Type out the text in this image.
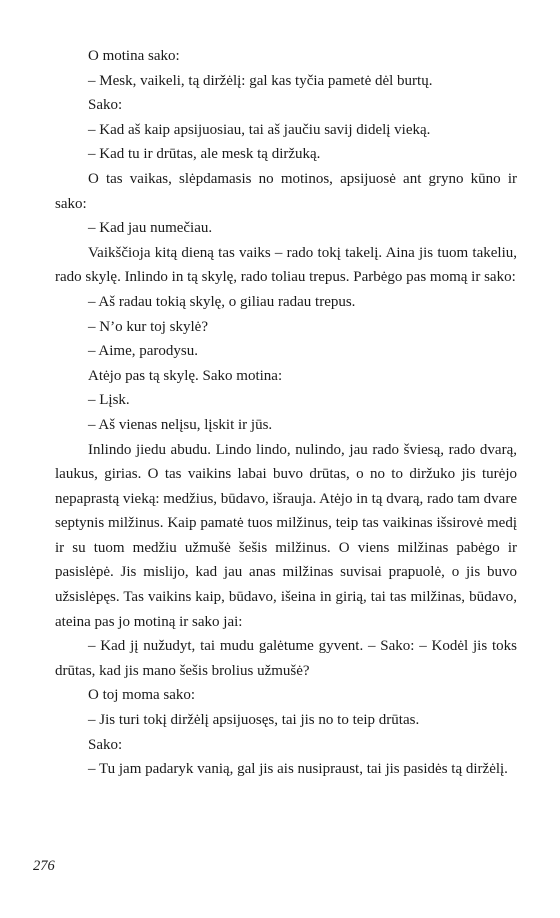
O motina sako:

– Mesk, vaikeli, tą diržėlį: gal kas tyčia pametė dėl burtų.

Sako:

– Kad aš kaip apsijuosiau, tai aš jaučiu savij didelį vieką.

– Kad tu ir drūtas, ale mesk tą diržuką.

O tas vaikas, slėpdamasis no motinos, apsijuosė ant gryno kūno ir sako:

– Kad jau numečiau.

Vaikščioja kitą dieną tas vaiks – rado tokį takelį. Aina jis tuom takeliu, rado skylę. Inlindo in tą skylę, rado toliau trepus. Parbėgo pas momą ir sako:

– Aš radau tokią skylę, o giliau radau trepus.

– N’o kur toj skylė?

– Aime, parodysu.

Atėjo pas tą skylę. Sako motina:

– Lįsk.

– Aš vienas nelįsu, lįskit ir jūs.

Inlindo jiedu abudu. Lindo lindo, nulindo, jau rado šviesą, rado dvarą, laukus, girias. O tas vaikins labai buvo drūtas, o no to diržuko jis turėjo nepaprastą vieką: medžius, būdavo, išrauja. Atėjo in tą dvarą, rado tam dvare septynis milžinus. Kaip pamatė tuos milžinus, teip tas vaikinas išsirovė medį ir su tuom medžiu užmušė šešis milžinus. O viens milžinas pabėgo ir pasislėpė. Jis mislijo, kad jau anas milžinas suvisai prapuolė, o jis buvo užsislėpęs. Tas vaikins kaip, būdavo, išeina in girią, tai tas milžinas, būdavo, ateina pas jo motiną ir sako jai:

– Kad jį nužudyt, tai mudu galėtume gyvent. – Sako: – Kodėl jis toks drūtas, kad jis mano šešis brolius užmušė?

O toj moma sako:

– Jis turi tokį diržėlį apsijuosęs, tai jis no to teip drūtas.

Sako:

– Tu jam padaryk vanią, gal jis ais nusipraust, tai jis pasidės tą diržėlį.

276
